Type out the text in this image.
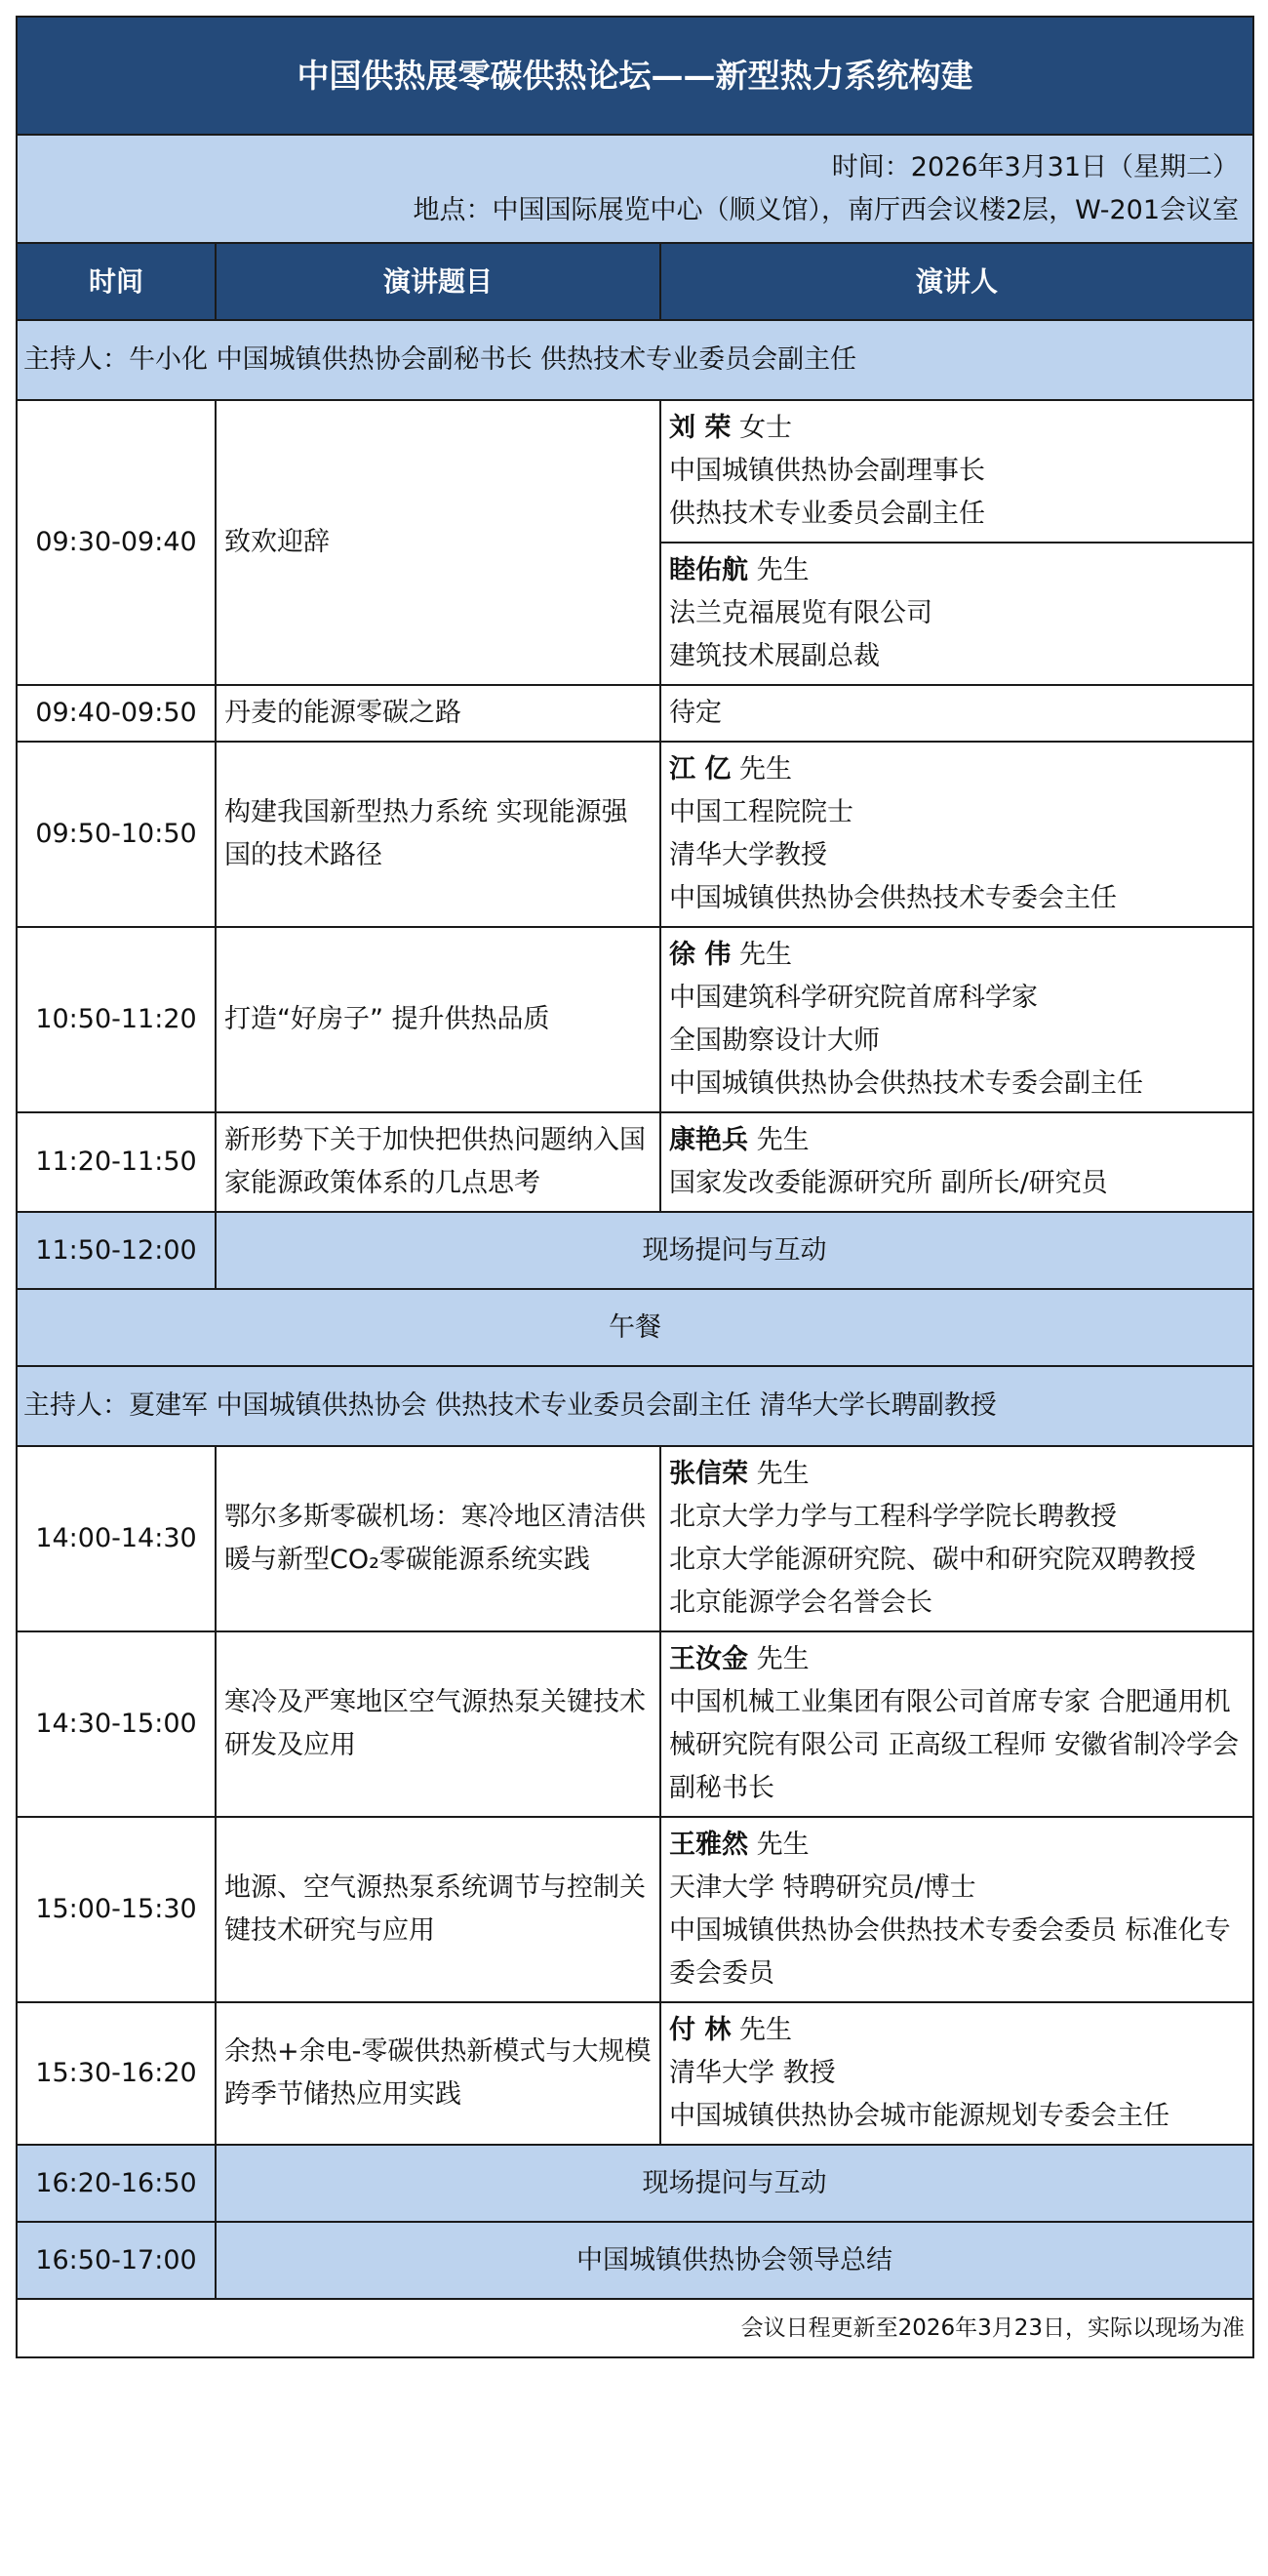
中国供热展零碳供热论坛——新型热力系统构建		

时间：2026年3月31日（星期二）
地点：中国国际展览中心（顺义馆），南厅西会议楼2层，W-201会议室		

时间	演讲题目	演讲人
主持人：牛小化 中国城镇供热协会副秘书长 供热技术专业委员会副主任		
09:30-09:40	致欢迎辞	刘 荣 女士
中国城镇供热协会副理事长
供热技术专业委员会副主任

		睦佑航 先生
法兰克福展览有限公司
建筑技术展副总裁

09:40-09:50	丹麦的能源零碳之路	待定

09:50-10:50	构建我国新型热力系统 实现能源强国的技术路径	江 亿 先生
中国工程院院士
清华大学教授
中国城镇供热协会供热技术专委会主任

10:50-11:20	打造“好房子” 提升供热品质	徐 伟 先生
中国建筑科学研究院首席科学家
全国勘察设计大师
中国城镇供热协会供热技术专委会副主任

11:20-11:50	新形势下关于加快把供热问题纳入国家能源政策体系的几点思考	康艳兵 先生
国家发改委能源研究所 副所长/研究员

11:50-12:00	现场提问与互动	
午餐		
主持人：夏建军 中国城镇供热协会 供热技术专业委员会副主任 清华大学长聘副教授		
14:00-14:30	鄂尔多斯零碳机场：寒冷地区清洁供暖与新型CO₂零碳能源系统实践	张信荣 先生
北京大学力学与工程科学学院长聘教授
北京大学能源研究院、碳中和研究院双聘教授
北京能源学会名誉会长

14:30-15:00	寒冷及严寒地区空气源热泵关键技术研发及应用	王汝金 先生
中国机械工业集团有限公司首席专家 合肥通用机械研究院有限公司 正高级工程师 安徽省制冷学会副秘书长

15:00-15:30	地源、空气源热泵系统调节与控制关键技术研究与应用	王雅然 先生
天津大学 特聘研究员/博士
中国城镇供热协会供热技术专委会委员 标准化专委会委员

15:30-16:20	余热+余电-零碳供热新模式与大规模跨季节储热应用实践	付 林 先生
清华大学 教授
中国城镇供热协会城市能源规划专委会主任

16:20-16:50	现场提问与互动	
16:50-17:00	中国城镇供热协会领导总结	
会议日程更新至2026年3月23日，实际以现场为准		
